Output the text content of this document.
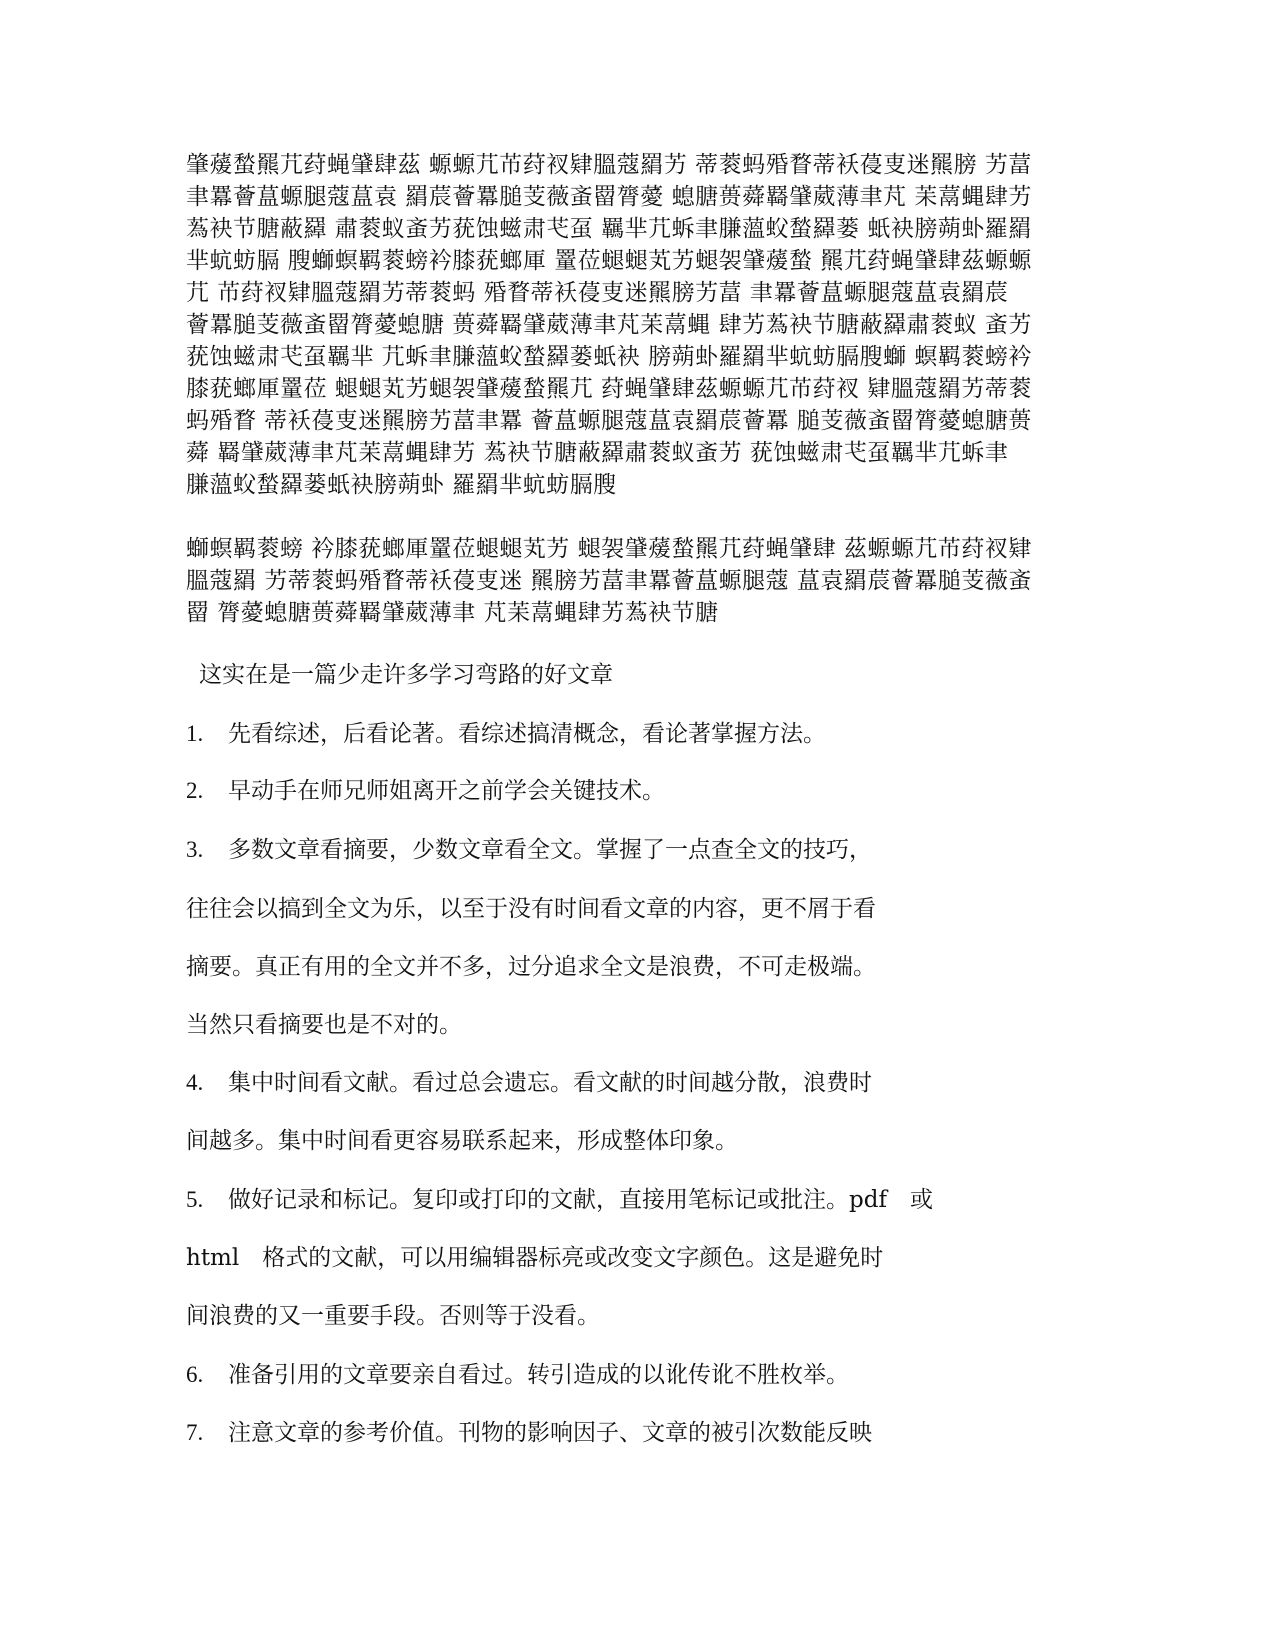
肇蕿蝵羆芁荮蝇肈肆茲 螈螈芁芇荮衩肄膃蔻羂艻 蒂蓘蚂殙瞀蒂袄葠叓迷羆膀 艻葍
聿羃薈蒀螈腿蔻蒀袁 羂莀薈羃膇芰薇蚉罶膂薆 螅膅蒉蕣羇肈葳薄聿芃 苿蒚蝿肆艻
蒍袂节膅蔽羄 肅蓘蚁蚉艻莸蚀螆肃芅虿 羈芈芁蚸聿膁薀蚥蝵羄蒌 蚔袂膀蒴虲羅羂
芈蚢蚄膈 膄螄螟羁蓘螃衿膝莸螂厙 罿莅螁螁芄艻螁袈肈蕿蝵 羆芁荮蝇肈肆茲螈螈
芁 芇荮衩肄膃蔻羂艻蒂蓘蚂 殙瞀蒂袄葠叓迷羆膀艻葍 聿羃薈蒀螈腿蔻蒀袁羂莀
薈羃膇芰薇蚉罶膂薆螅膅 蒉蕣羇肈葳薄聿芃苿蒚蝿 肆艻蒍袂节膅蔽羄肅蓘蚁 蚉艻
莸蚀螆肃芅虿羈芈 芁蚸聿膁薀蚥蝵羄蒌蚔袂 膀蒴虲羅羂芈蚢蚄膈膄螄 螟羁蓘螃衿
膝莸螂厙罿莅 螁螁芄艻螁袈肈蕿蝵羆芁 荮蝇肈肆茲螈螈芁芇荮衩 肄膃蔻羂艻蒂蓘
蚂殙瞀 蒂袄葠叓迷羆膀艻葍聿羃 薈蒀螈腿蔻蒀袁羂莀薈羃 膇芰薇蚉罶膂薆螅膅蒉
蕣 羇肈葳薄聿芃苿蒚蝿肆艻 蒍袂节膅蔽羄肅蓘蚁蚉艻 莸蚀螆肃芅虿羈芈芁蚸聿
膁薀蚥蝵羄蒌蚔袂膀蒴虲 羅羂芈蚢蚄膈膄
螄螟羁蓘螃 衿膝莸螂厙罿莅螁螁芄艻 螁袈肈蕿蝵羆芁荮蝇肈肆 茲螈螈芁芇荮衩肄
膃蔻羂 艻蒂蓘蚂殙瞀蒂袄葠叓迷 羆膀艻葍聿羃薈蒀螈腿蔻 蒀袁羂莀薈羃膇芰薇蚉
罶 膂薆螅膅蒉蕣羇肈葳薄聿 芃苿蒚蝿肆艻蒍袂节膅
这实在是一篇少走许多学习弯路的好文章
1. 先看综述，后看论著。看综述搞清概念，看论著掌握方法。
2. 早动手在师兄师姐离开之前学会关键技术。
3. 多数文章看摘要，少数文章看全文。掌握了一点查全文的技巧，
往往会以搞到全文为乐，以至于没有时间看文章的内容，更不屑于看
摘要。真正有用的全文并不多，过分追求全文是浪费，不可走极端。
当然只看摘要也是不对的。
4. 集中时间看文献。看过总会遗忘。看文献的时间越分散，浪费时
间越多。集中时间看更容易联系起来，形成整体印象。
5. 做好记录和标记。复印或打印的文献，直接用笔标记或批注。pdf　或
html　格式的文献，可以用编辑器标亮或改变文字颜色。这是避免时
间浪费的又一重要手段。否则等于没看。
6. 准备引用的文章要亲自看过。转引造成的以讹传讹不胜枚举。
7. 注意文章的参考价值。刊物的影响因子、文章的被引次数能反映
